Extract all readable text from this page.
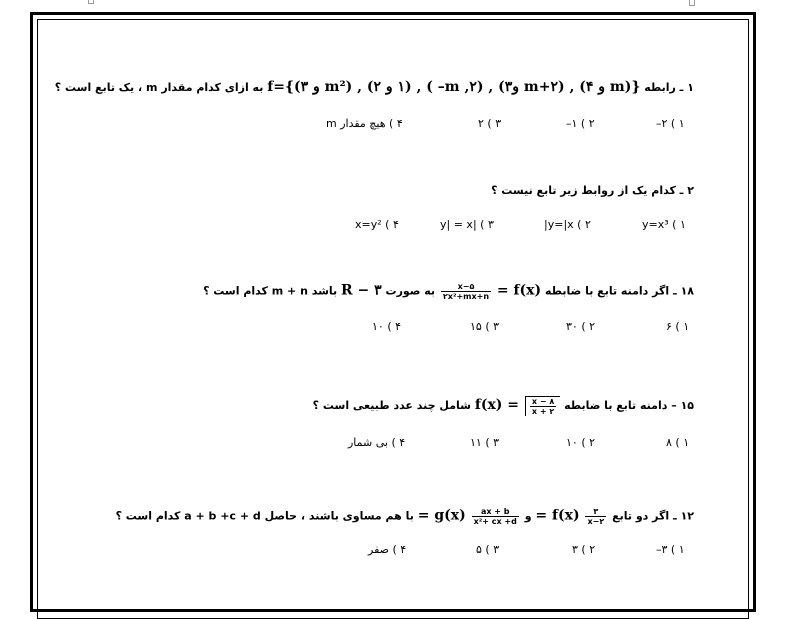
۱ ـ رابطه {(m و ۴) , (m+۲ و۳) , (m ,۲– ) , (۱ و ۲) , (m² و ۳)}=f به ازای کدام مقدار m ، یک تابع است ؟
۱ ) ۲–
۲ ) ۱–
۳ ) ۲
۴ ) هیچ مقدار m
۲ ـ کدام یک از روابط زیر تابع نیست ؟
۱ ) y=x³
۲ ) y=|x|
۳ ) |y| = x
۴ ) x=y²
۱۸ ـ اگر دامنه تابع با ضابطه f(x) =
$\frac{x-۵}{\text{۲x²+mx+n}}$
به صورت R − ۳ باشد m + n کدام است ؟
۱ ) ۶
۲ ) ۳۰
۳ ) ۱۵
۴ ) ۱۰
۱۵ – دامنه تابع با ضابطه
$\frac{۸ - x}{x + ۲}$
= f(x) شامل چند عدد طبیعی است ؟
۱ ) ۸
۲ ) ۱۰
۳ ) ۱۱
۴ ) بی شمار
۱۲ ـ اگر دو تابع
$\frac{۳}{x-۲}$
f(x) = و
$\frac{ax + b}{\text{x²+ cx +d}}$
g(x) = با هم مساوی باشند ، حاصل a + b +c + d کدام است ؟
۱ ) ۳–
۲ ) ۳
۳ ) ۵
۴ ) صفر
